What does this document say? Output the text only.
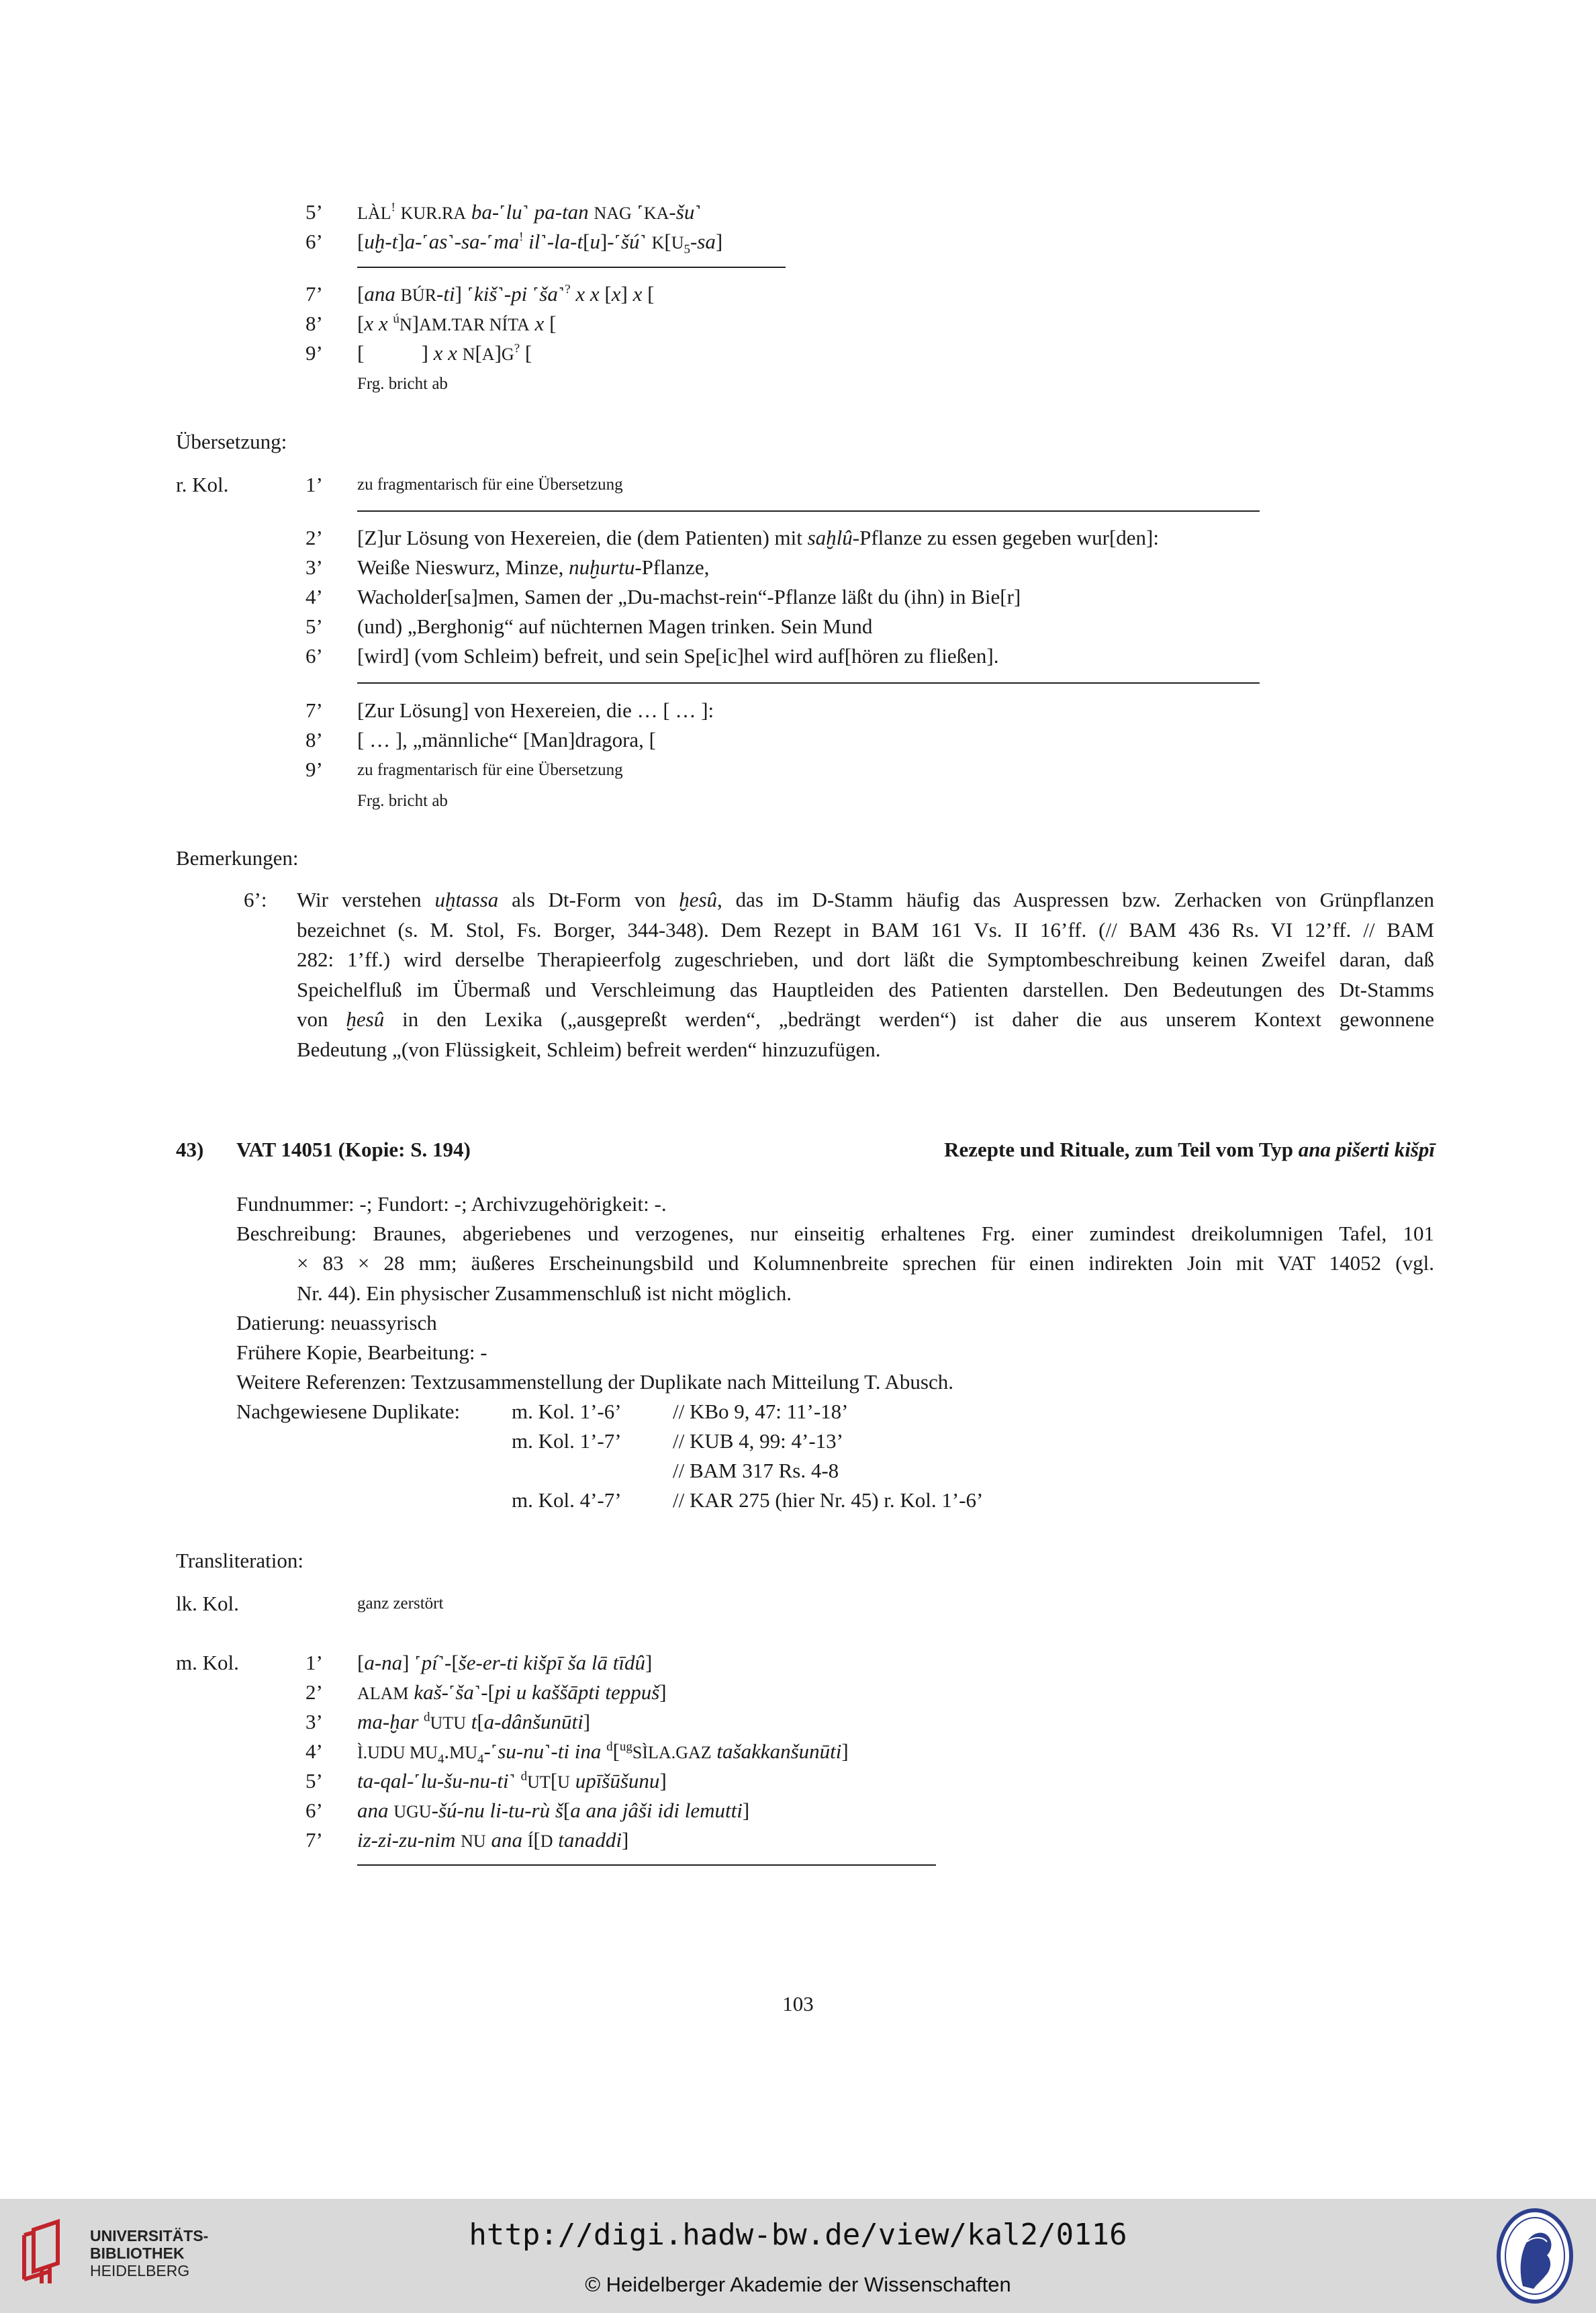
5’ LÀL! KUR.RA ba-˹lu˺ pa-tan NAG ˹KA-šu˺
6’ [uḫ-t]a-˹as˺-sa-˹ma! il˺-la-t[u]-˹šú˺ $K[U_5-sa]$
7’ [ana BÚR-ti] ˹kiš˺-pi ˹ša˺? x x [x] x [
8’ [x x $^ú$N]AM.TAR NÍTA x [
9’ [           ] x x N[A]G? [
Frg. bricht ab
Übersetzung:
r. Kol.	1’ zu fragmentarisch für eine Übersetzung
2’ [Z]ur Lösung von Hexereien, die (dem Patienten) mit saḫlû-Pflanze zu essen gegeben wur[den]:
3’ Weiße Nieswurz, Minze, nuḫurtu-Pflanze,
4’ Wacholder[sa]men, Samen der „Du-machst-rein“-Pflanze läßt du (ihn) in Bie[r]
5’ (und) „Berghonig“ auf nüchternen Magen trinken. Sein Mund
6’ [wird] (vom Schleim) befreit, und sein Spe[ic]hel wird auf[hören zu fließen].
7’ [Zur Lösung] von Hexereien, die … [ … ]:
8’ [ … ], „männliche“ [Man]dragora, [
9’ zu fragmentarisch für eine Übersetzung
Frg. bricht ab
Bemerkungen:
6’: Wir verstehen uḫtassa als Dt-Form von ḫesû, das im D-Stamm häufig das Auspressen bzw. Zerhacken von Grünpflanzen
bezeichnet (s. M. Stol, Fs. Borger, 344-348). Dem Rezept in BAM 161 Vs. II 16’ff. (// BAM 436 Rs. VI 12’ff. // BAM
282: 1’ff.) wird derselbe Therapieerfolg zugeschrieben, und dort läßt die Symptombeschreibung keinen Zweifel daran, daß
Speichelfluß im Übermaß und Verschleimung das Hauptleiden des Patienten darstellen. Den Bedeutungen des Dt-Stamms
von ḫesû in den Lexika („ausgepreßt werden“, „bedrängt werden“) ist daher die aus unserem Kontext gewonnene
Bedeutung „(von Flüssigkeit, Schleim) befreit werden“ hinzuzufügen.
43) VAT 14051 (Kopie: S. 194)	Rezepte und Rituale, zum Teil vom Typ ana pišerti kišpī
Fundnummer: -; Fundort: -; Archivzugehörigkeit: -.
Beschreibung: Braunes, abgeriebenes und verzogenes, nur einseitig erhaltenes Frg. einer zumindest dreikolumnigen Tafel, 101
× 83 × 28 mm; äußeres Erscheinungsbild und Kolumnenbreite sprechen für einen indirekten Join mit VAT 14052 (vgl.
Nr. 44). Ein physischer Zusammenschluß ist nicht möglich.
Datierung: neuassyrisch
Frühere Kopie, Bearbeitung: -
Weitere Referenzen: Textzusammenstellung der Duplikate nach Mitteilung T. Abusch.
Nachgewiesene Duplikate: m. Kol. 1’-6’ // KBo 9, 47: 11’-18’
m. Kol. 1’-7’ // KUB 4, 99: 4’-13’
// BAM 317 Rs. 4-8
m. Kol. 4’-7’ // KAR 275 (hier Nr. 45) r. Kol. 1’-6’
Transliteration:
lk. Kol.	ganz zerstört
m. Kol.	1’ [a-na] ˹pí˺-[še-er-ti kišpī ša lā tīdû]
2’ ALAM kaš-˹ša˺-[pi u kaššāpti teppuš]
3’ ma-ḫar $^d$UTU t[a-dânšunūti]
4’ Ì.UDU $MU_4.MU_4-˹su-nu˺-ti$ ina $^d$[$^{ug}$SÌLA.GAZ tašakkanšunūti]
5’ ta-qal-˹lu-šu-nu-ti˺ $^d$UT[U upīšūšunu]
6’ ana UGU-šú-nu li-tu-rù š[a ana jâši idi lemutti]
7’ iz-zi-zu-nim NU ana Í[D tanaddi]
103
UNIVERSITÄTS-
BIBLIOTHEK
HEIDELBERG
http://digi.hadw-bw.de/view/kal2/0116
© Heidelberger Akademie der Wissenschaften
